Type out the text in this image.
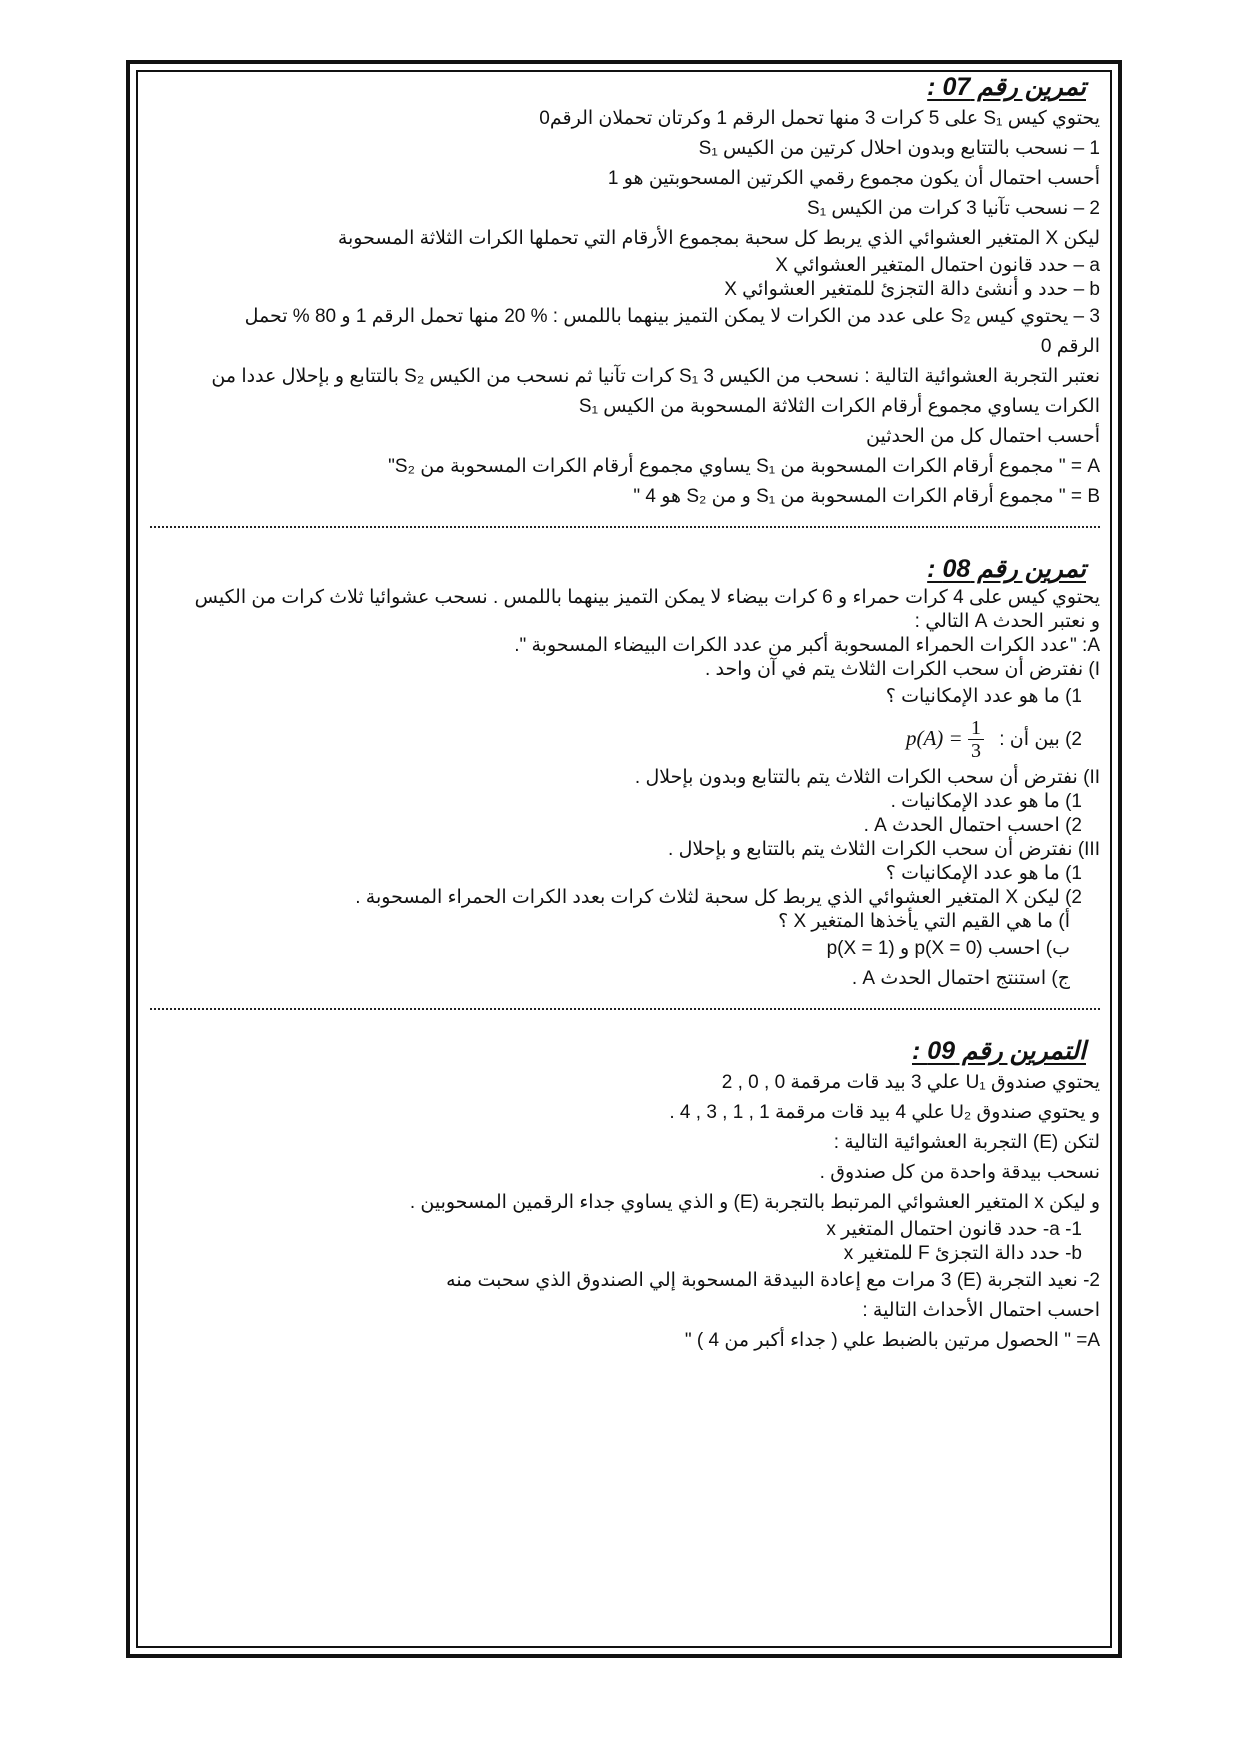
تمرين رقم 07 :
يحتوي كيس S₁ على 5 كرات 3 منها تحمل الرقم 1 وكرتان تحملان الرقم0
1 – نسحب بالتتابع وبدون احلال كرتين من الكيس S₁
أحسب احتمال أن يكون مجموع رقمي الكرتين المسحوبتين هو 1
2 – نسحب تآنيا 3 كرات من الكيس S₁
ليكن X المتغير العشوائي الذي يربط كل سحبة بمجموع الأرقام التي تحملها الكرات الثلاثة المسحوبة
a – حدد قانون احتمال المتغير العشوائي X
b – حدد و أنشئ دالة التجزئ للمتغير العشوائي X
3 – يحتوي كيس S₂ على عدد من الكرات لا يمكن التميز بينهما باللمس : % 20 منها تحمل الرقم 1 و 80 % تحمل
الرقم 0
نعتبر التجربة العشوائية التالية : نسحب من الكيس S₁ 3 كرات تآنيا ثم نسحب من الكيس S₂ بالتتابع و بإحلال عددا من
الكرات يساوي مجموع أرقام الكرات الثلاثة المسحوبة من الكيس S₁
أحسب احتمال كل من الحدثين
A = " مجموع أرقام الكرات المسحوبة من S₁ يساوي مجموع أرقام الكرات المسحوبة من S₂"
B = " مجموع أرقام الكرات المسحوبة من S₁ و من S₂ هو 4 "
تمرين رقم 08 :
يحتوي كيس على 4 كرات حمراء و 6 كرات بيضاء لا يمكن التميز بينهما باللمس . نسحب عشوائيا ثلاث كرات من الكيس
و نعتبر الحدث A التالي :
A: "عدد الكرات الحمراء المسحوبة أكبر من عدد الكرات البيضاء المسحوبة ".
I) نفترض أن سحب الكرات الثلاث يتم في آن واحد .
1) ما هو عدد الإمكانيات ؟
2) بين أن : $p(A) = \frac{1}{3}$
II) نفترض أن سحب الكرات الثلاث يتم بالتتابع وبدون بإحلال .
1) ما هو عدد الإمكانيات .
2) احسب احتمال الحدث A .
III) نفترض أن سحب الكرات الثلاث يتم بالتتابع و بإحلال .
1) ما هو عدد الإمكانيات ؟
2) ليكن X المتغير العشوائي الذي يربط كل سحبة لثلاث كرات بعدد الكرات الحمراء المسحوبة .
أ) ما هي القيم التي يأخذها المتغير X ؟
ب) احسب p(X = 0) و p(X = 1)
ج) استنتج احتمال الحدث A .
التمرين رقم 09 :
يحتوي صندوق U₁ علي 3 بيد قات مرقمة 0 , 0 , 2
و يحتوي صندوق U₂ علي 4 بيد قات مرقمة 1 , 1 , 3 , 4 .
لتكن (E) التجربة العشوائية التالية :
نسحب بيدقة واحدة من كل صندوق .
و ليكن x المتغير العشوائي المرتبط بالتجربة (E) و الذي يساوي جداء الرقمين المسحوبين .
1- a- حدد قانون احتمال المتغير x
b- حدد دالة التجزئ F للمتغير x
2- نعيد التجربة (E) 3 مرات مع إعادة البيدقة المسحوبة إلي الصندوق الذي سحبت منه
احسب احتمال الأحداث التالية :
A= " الحصول مرتين بالضبط علي ( جداء أكبر من 4 ) "
